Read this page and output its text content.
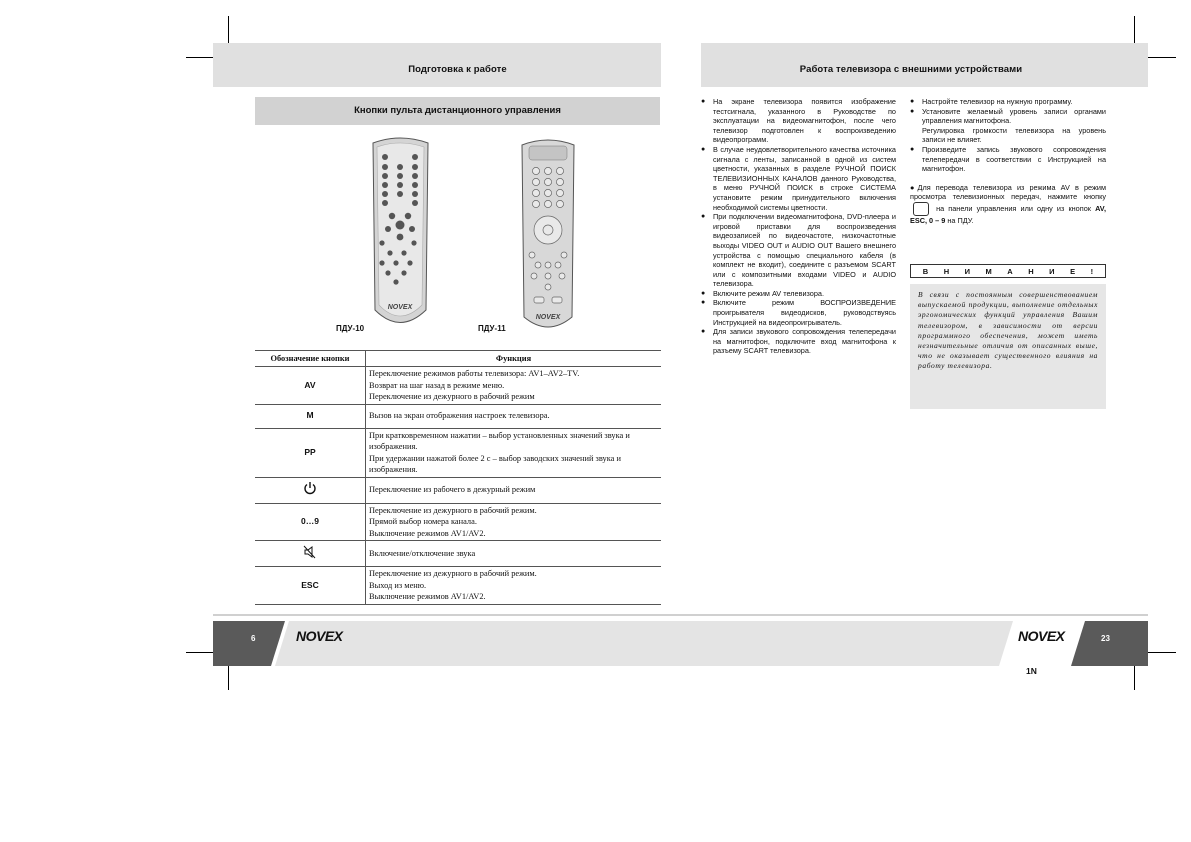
Подготовка к работе	Работа телевизора с внешними устройствами
Кнопки пульта дистанционного управления
NOVEX
ПДУ-10
NOVEX
ПДУ-11
Обозначение кнопки	Функция
AV	Переключение режимов работы телевизора: AV1–AV2–TV.
Возврат на шаг назад в режиме меню.
Переключение из дежурного в рабочий режим
M	Вызов на экран отображения настроек телевизора.
PP	При кратковременном нажатии – выбор установленных значений звука и изображения.
При удержании нажатой более 2 с – выбор заводских значений звука и изображения.
	Переключение из рабочего в дежурный режим
0…9	Переключение из дежурного в рабочий режим.
Прямой выбор номера канала.
Выключение режимов AV1/AV2.
	Включение/отключение звука
ESC	Переключение из дежурного в рабочий режим.
Выход из меню.
Выключение режимов AV1/AV2.
● На экране телевизора появится изображение тестсигнала, указанного в Руководстве по эксплуатации на видеомагнитофон, после чего телевизор подготовлен к воспроизведению видеопрограмм.
● В случае неудовлетворительного качества источника сигнала с ленты, записанной в одной из систем цветности, указанных в разделе РУЧНОЙ ПОИСК ТЕЛЕВИЗИОННЫХ КАНАЛОВ данного Руководства, в меню РУЧНОЙ ПОИСК в строке СИСТЕМА установите режим принудительного включения необходимой системы цветности.
● При подключении видеомагнитофона, DVD-плеера и игровой приставки для воспроизведения видеозаписей по видеочастоте, низкочастотные выходы VIDEO OUT и AUDIO OUT Вашего внешнего устройства с помощью специального кабеля (в комплект не входит), соедините с разъемом SCART или с композитными входами VIDEO и AUDIO телевизора.
● Включите режим AV телевизора.
● Включите режим ВОСПРОИЗВЕДЕНИЕ проигрывателя видеодисков, руководствуясь Инструкцией на видеопроигрыватель.
● Для записи звукового сопровождения телепередачи на магнитофон, подключите вход магнитофона к разъему SCART телевизора.
● Настройте телевизор на нужную программу.
● Установите желаемый уровень записи органами управления магнитофона.
Регулировка громкости телевизора на уровень записи не влияет.
● Произведите запись звукового сопровождения телепередачи в соответствии с Инструкцией на магнитофон.
●Для перевода телевизора из режима AV в режим просмотра телевизионных передач, нажмите кнопку  на панели управления или одну из кнопок AV, ESC, 0 – 9 на ПДУ.
В Н И М А Н И Е !
В связи с постоянным совершенствованием выпускаемой продукции, выполнение отдельных эргономических функций управления Вашим телевизором, в зависимости от версии программного обеспечения, может иметь незначительные отличия от описанных выше, что не оказывает существенного влияния на работу телевизора.
6	23
NOVEX	NOVEX
1N
